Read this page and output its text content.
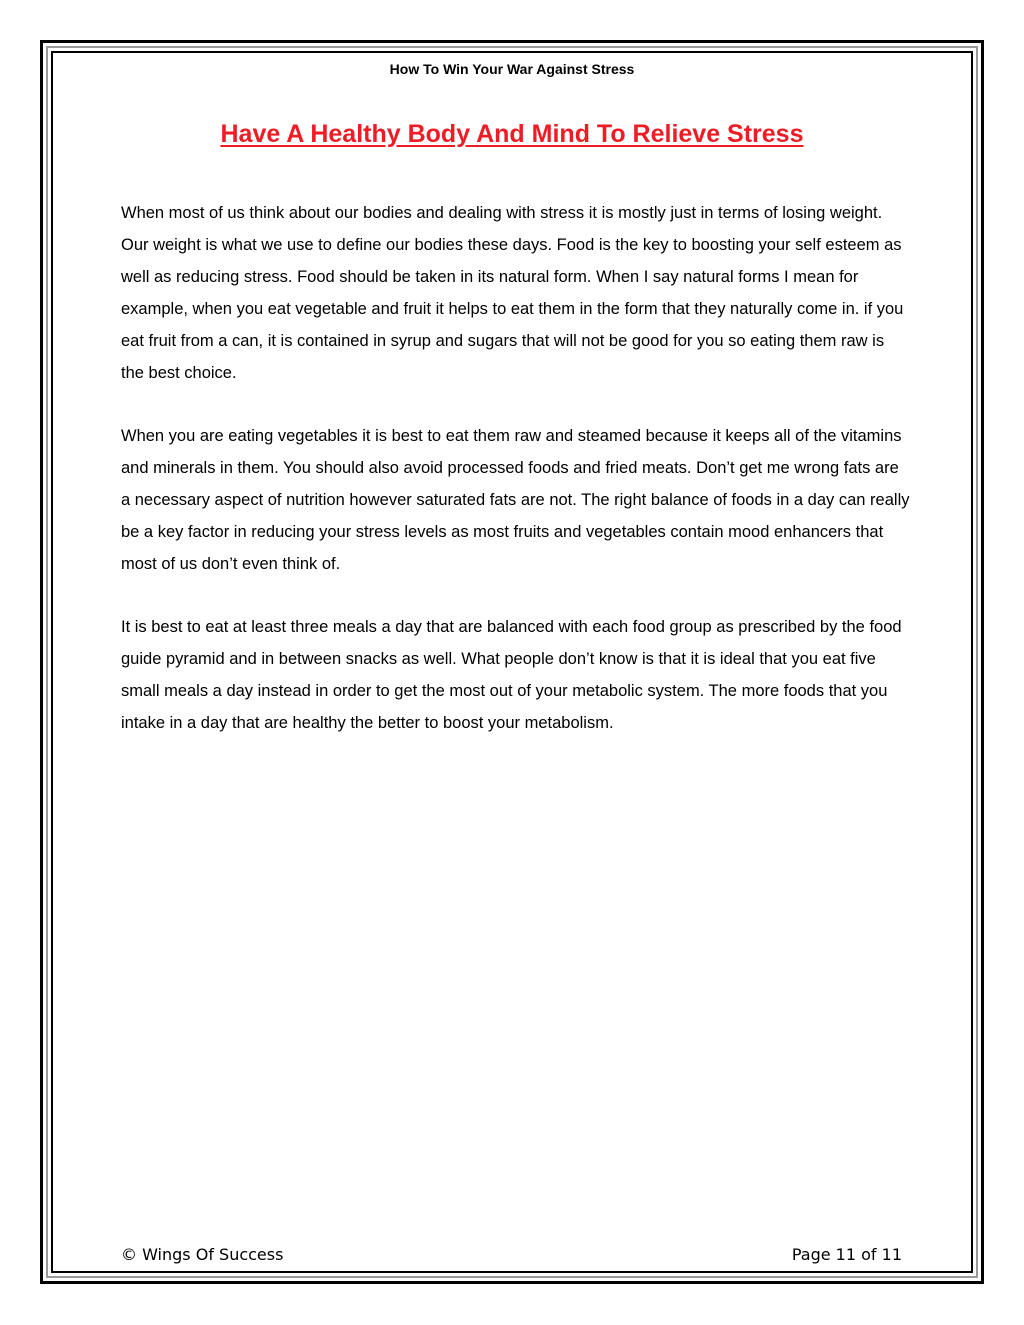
How To Win Your War Against Stress
Have A Healthy Body And Mind To Relieve Stress

When most of us think about our bodies and dealing with stress it is mostly just in terms of losing weight. Our weight is what we use to define our bodies these days. Food is the key to boosting your self esteem as well as reducing stress. Food should be taken in its natural form. When I say natural forms I mean for example, when you eat vegetable and fruit it helps to eat them in the form that they naturally come in. if you eat fruit from a can, it is contained in syrup and sugars that will not be good for you so eating them raw is the best choice.

When you are eating vegetables it is best to eat them raw and steamed because it keeps all of the vitamins and minerals in them. You should also avoid processed foods and fried meats. Don’t get me wrong fats are a necessary aspect of nutrition however saturated fats are not. The right balance of foods in a day can really be a key factor in reducing your stress levels as most fruits and vegetables contain mood enhancers that most of us don’t even think of.

It is best to eat at least three meals a day that are balanced with each food group as prescribed by the food guide pyramid and in between snacks as well. What people don’t know is that it is ideal that you eat five small meals a day instead in order to get the most out of your metabolic system. The more foods that you intake in a day that are healthy the better to boost your metabolism.

© Wings Of Success	Page 11 of 11
